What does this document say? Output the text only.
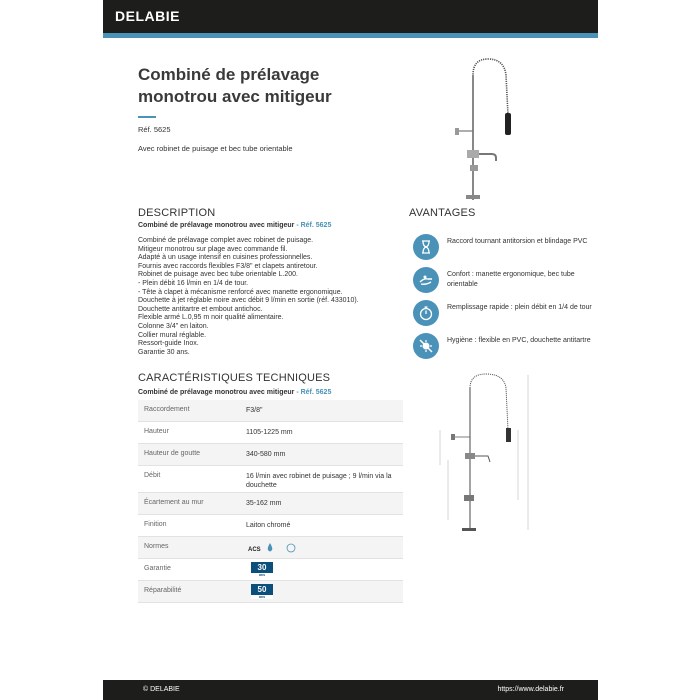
DELABIE
Combiné de prélavage
monotrou avec mitigeur
Réf. 5625
Avec robinet de puisage et bec tube orientable
DESCRIPTION
Combiné de prélavage monotrou avec mitigeur - Réf. 5625
Combiné de prélavage complet avec robinet de puisage.
Mitigeur monotrou sur plage avec commande fil.
Adapté à un usage intensif en cuisines professionnelles.
Fournis avec raccords flexibles F3/8" et clapets antiretour.
Robinet de puisage avec bec tube orientable L.200.
- Plein débit 16 l/min en 1/4 de tour.
- Tête à clapet à mécanisme renforcé avec manette ergonomique.
Douchette à jet réglable noire avec débit 9 l/min en sortie (réf. 433010).
Douchette antitartre et embout antichoc.
Flexible armé L.0,95 m noir qualité alimentaire.
Colonne 3/4" en laiton.
Collier mural réglable.
Ressort-guide Inox.
Garantie 30 ans.
AVANTAGES
Raccord tournant antitorsion et blindage PVC
Confort : manette ergonomique, bec tube orientable
Remplissage rapide : plein débit en 1/4 de tour
Hygiène : flexible en PVC, douchette antitartre
CARACTÉRISTIQUES TECHNIQUES
Combiné de prélavage monotrou avec mitigeur - Réf. 5625
Raccordement	F3/8"
Hauteur	1105-1225 mm
Hauteur de goutte	340-580 mm
Débit	16 l/min avec robinet de puisage ; 9 l/min via la douchette
Écartement au mur	35-162 mm
Finition	Laiton chromé
Normes	ACS
Garantie	30
ans
Réparabilité	50
ans
© DELABIE	https://www.delabie.fr
